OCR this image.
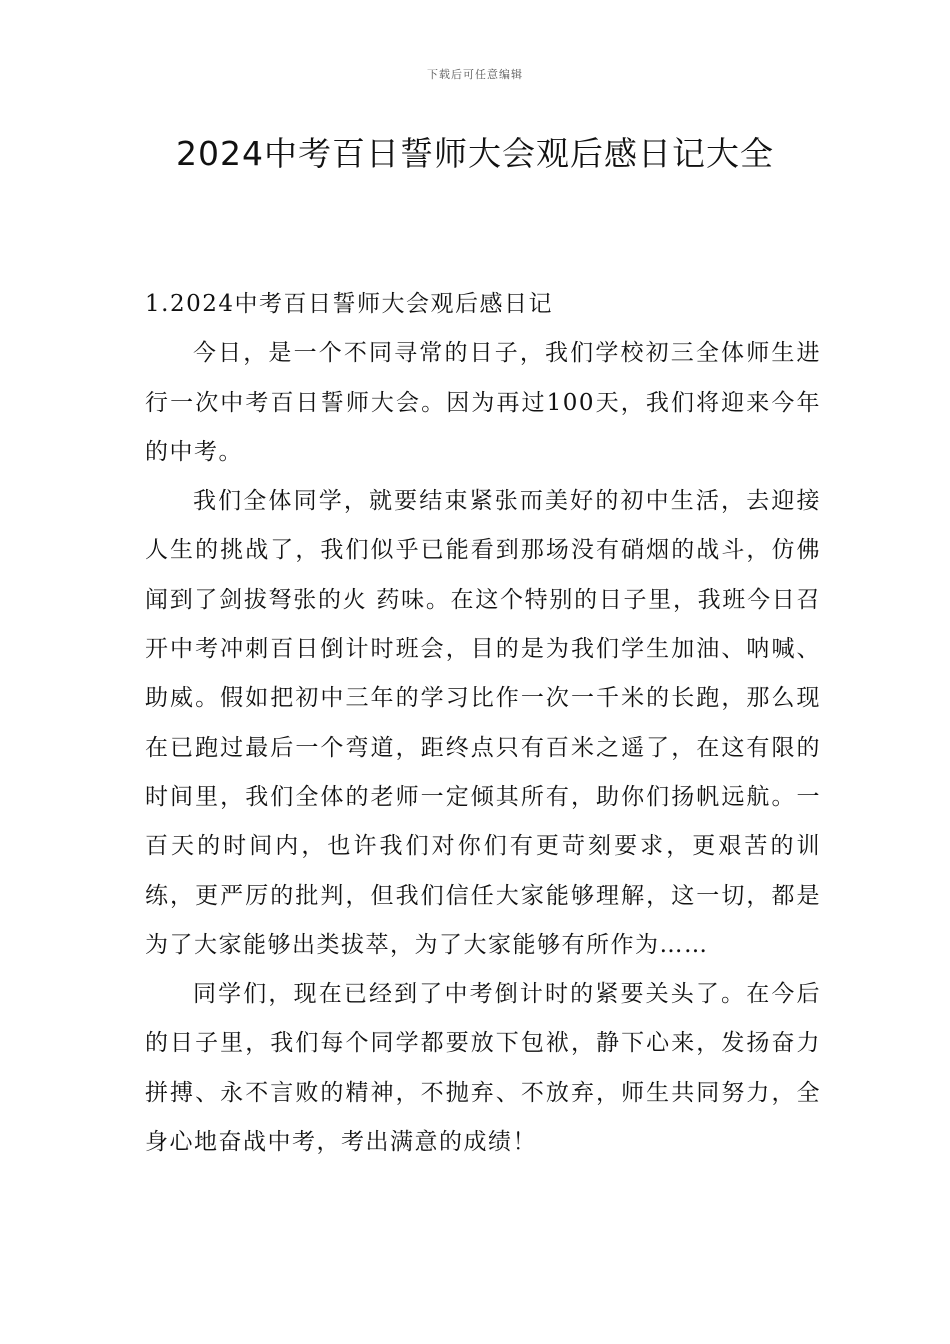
下载后可任意编辑
2024中考百日誓师大会观后感日记大全

1.2024中考百日誓师大会观后感日记

今日，是一个不同寻常的日子，我们学校初三全体师生进行一次中考百日誓师大会。因为再过100天，我们将迎来今年的中考。

我们全体同学，就要结束紧张而美好的初中生活，去迎接人生的挑战了，我们似乎已能看到那场没有硝烟的战斗，仿佛闻到了剑拔弩张的火 药味。在这个特别的日子里，我班今日召开中考冲刺百日倒计时班会，目的是为我们学生加油、呐喊、助威。假如把初中三年的学习比作一次一千米的长跑，那么现在已跑过最后一个弯道，距终点只有百米之遥了，在这有限的时间里，我们全体的老师一定倾其所有，助你们扬帆远航。一百天的时间内，也许我们对你们有更苛刻要求，更艰苦的训练，更严厉的批判，但我们信任大家能够理解，这一切，都是为了大家能够出类拔萃，为了大家能够有所作为……

同学们，现在已经到了中考倒计时的紧要关头了。在今后的日子里，我们每个同学都要放下包袱，静下心来，发扬奋力拼搏、永不言败的精神，不抛弃、不放弃，师生共同努力，全身心地奋战中考，考出满意的成绩！
